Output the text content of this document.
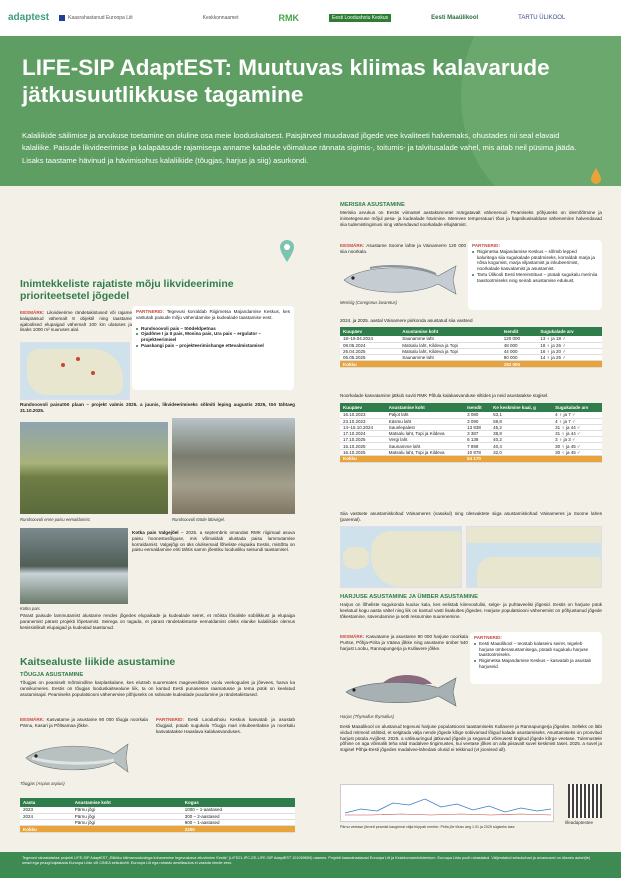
adaptest	Kaasrahastanud Euroopa Liit	Keskkonnaamet	RMK	Eesti Loodushoiu Keskus	Eesti Maaülikool	TARTU ÜLIKOOL
LIFE-SIP AdaptEST: Muutuvas kliimas kalavarude jätkusuutlikkuse tagamine

Kalaliikide säilimise ja arvukuse toetamine on oluline osa meie looduskaitsest. Paisjärved muudavad jõgede vee kvaliteeti halvemaks, ohustades nii seal elavaid kalaliike. Paisude likvideerimise ja kalapääsude rajamisega anname kaladele võimaluse rännata sigimis-, toitumis- ja talvitusalade vahel, mis aitab neil püsima jääda. Lisaks taastame hävinud ja hävimisohus kalaliikide (tõugjas, harjus ja siig) asurkondi.

Inimtekkeliste rajatiste mõju likvideerimine prioriteetsetel jõgedel
EESMÄRK: Likvideerime rändetakistused või rajame kalapääsud vähemalt 8 objektil ning taastame ajaloolised elupaigad vähemalt 100 km ulatuses ja lisaks 1000 m² suuruses alal.
PARTNERID: Tegevusi korraldab Riigimetsa Majandamise Keskus, kes vastutab paisude mõju vähendamise ja kudealade taastamise eest.
Rundsoovoli pais – töödeldpetnas
Ojadõme I ja II pais, Mosina pais, Ura pais – ergulator – projekteerimisel
Paaskangi pais – projekteerimishange ettevalmistamisel
Rundsoovoli paisutöö plaan – projekt valmis 2025. a juunis, likvideerimiseks sõlmiti leping augustis 2025, töö tähtaeg 31.10.2025.
Rundsoovoli enne paisu eemaldamist.	Rundsoovoli tööde läbiviigel.
Kotka pais.
Kotka pais Valgejõel – 2025. a septembris omandas RMK riigimaal asuva paisu hoonestusõiguse, mis võimaldab alustada paisu lammutamise korraldamist. Valgejõgi on üks olulisemaid lõheliste elupaiku Eestis, mistõttu on paisu eemaldamine eriti tähtis samm jõestiku loodusliku seisundi taastamisel.
Pärast paisude lammutamist alustame rendes jõgedes elupaikade ja kudealade seiret, et mõista lõnalisle sobilikkust ja elupaiga paranemist pärast projekti lõpetamist. Seirega on tagada, et pärast rändetakistuste eemaldamist oleks elanike kalaliikide olemus kesissinlikult elupaigad ja kudealad taastunud.
Kaitsealuste liikide asustamine
TÕUGJA ASUSTAMINE
Tõugjas on peamiselt mõrtoindline karplaskalane, kes elutseb suuremates magevesilistes voolu veekogudes ja jõevees, harva ka rannikumeres. Eestis on tõugjas looduskaitsealune liik, ta on kantud Eesti punasesse raamatusse ja tema püük on keelatud asutamisajal. Peamiseks populatsiooni vähenemise põhjuseks on sobivate kudealade puudumine ja rändetakistused.
EESMÄRK: Kasvatame ja asustame 90 000 tõugja noorkala Pärnu, Kasari ja Põltsamaa jõkke.
PARTNERID: Eesti Loodushoiu Keskus kasvatab ja asustab tõugjaid, püüab sugukalu Tõugja mari inkubeeritakse ja noorkalu kasvatatakse Haaslava kalakasvanduses.
Tõugjas (Aspius aspius)
Aasta	Asustamise koht	Kogus
2023	Pärnu jõgi	1000 – 1-aastased
2024	Pärnu jõgi	300 – 2-aastased
	Pärnu jõgi	900 – 1-aastased
Kokku		2200
MERISIIA ASUSTAMINE
Merisiia arvukus on Eestis viimastel aastakümnetel märgatavalt vähenenud. Peamiseks põhjuseks on ülemõõtmine ja inimetegevuse mõjul pesa- ja kudealade hävimine. Merevee temperatuuri tõus ja hapnikusisalduse vähenemine halvendavad siia tudemistingimusi ning vähendavad noorkalade ellujäämist.
EESMÄRK: Asustame Soome lahte ja Väinamerre 120 000 siia noorkala.
Merisiig (Coregonus lavaretus)
PARTNERID:
Riigimetsa Majandamise Keskus – sõlmib lepped kaluritega siia sugukalade püüdmiseks, korraldab marja ja nõsa kogumist, marja viljastamist ja inkubeerimist, noorkalade kasvatamist ja asustamist.
Tartu Ülikooli Eesti Mereinstituut – püüab sugukalu meriniia taastootmiseks ning seirab asustamise edukust.
2024. ja 2025. aastal Väinamere piirkonda asustatud siia vastsed
Kuupäev	Asustamise koht	Isendit	Sugukalade arv
18–19.04.2024	Saunamme laht	120 000	13 ♀ ja 18 ♂
08.05.2024	Matsalu laht, Kildeva ja Topi	48 000	18 ♀ ja 26 ♂
26.04.2025	Matsalu laht, Kildeva ja Topi	44 000	16 ♀ ja 20 ♂
05.05.2025	Saunamme laht	90 000	14 ♀ ja 25 ♂
Kokku		192 000	
Noorkalade kasvatamine jätkub suviti RMK Põlula kalakasvanduse siltides ja neid asustatakse sügisel.
Kuupäev	Asustamise koht	Isendit	Ke keskmine kaal, g	Sugukalade arv
16.10.2023	Paljot laht	3 080	53,1	4 ♀ ja 7 ♂
23.10.2023	Käsmu laht	3 090	59,8	4 ♀ ja 7 ♂
14–15.10.2024	Saunlepalest	13 838	45,2	31 ♀ ja 44 ♂
17.10.2024	Matsalu laht, Topi ja Kildeva	3 387	38,8	31 ♀ ja 44 ♂
17.10.2025	Vergi laht	6 138	40,2	3 ♀ ja 3 ♂
15.10.2025	Saunamme laht	7 898	40,4	30 ♀ ja 45 ♂
16.10.2025	Matsalu laht, Topi ja Kildeva	10 878	32,0	30 ♀ ja 45 ♂
Kokku		54 170		
Siia vastsete asustamiskohad Väinameres (vasakul) ning ülesvaktete siiga asustamiskohad Väinameres ja Soome lahes (paremal).
HARJUSE ASUSTAMINE JA ÜMBER ASUSTAMINE
Harjus on lõheliste sugukonda kuuluv kala, kes eelistab kiirevoolulisi, selge- ja puhtaveelisi jõgesid. Eestis on harjuse püük keelatud kogu aasta vältel ning liik on kantud vasti lisakultes jõgedes. Harjuse populatsiooni vähenemist on põhjustanud jõgede tõkestamine, süvendamine ja setti ressurnise suurenemine.
EESMÄRK: Kasvatame ja asustame 90 000 harjuse noorkala Purtse, Põhja-Pirita ja Vääna jõkke ning asustame ümber 540 harjust Loobu, Rannapungerja ja Kullavere jõkke.
PARTNERID:
Eesti Maaülikool – teostab kalaseiru seiret, tegeleb harjuse ümberasustamisega, püüab sugukalu harjuse taastootmiseks.
Riigimetsa Majandamise Keskus – kasvatab ja asustab harjuseid.
Harjus (Thymallus thymallus)
Eesti Maaülikool on alustanud tegevusi harjuse populatsiooni taastamiseks Kullavere ja Rannapungerja jõgedes. Selleks on läbi viidud mitmeid välitöid, et selgitada välja nende jõgede kõige sobivamad lõigud kalade asustamiseks. Asustamiseks on proovitud harjust püüda Avijõest. 2025. a välisuuringud jätkuvad jõgede ja seganud võimusest tingitud jõgede kõrge veetase. Tulemustele põhine on aga võimalik teha väid madalvee tingimustes, kui veetase jõkes on alla piisavalt suvel keskmist taset. 2025. a suvel ja sügisel Põhja-Eesti jõgedes madalvee-lähedasi olusid ei tekkinud (vt joonised all).
lifeadaptestee
Pärnu veetase jõevett peamist kaugemal välja hüppab meeter; Pirita jõe tõusv aeg 1.01 ja 2025 sügiseks tase
Tegevusi rahastatakse projekti LIFE-SIP AdaptEST „Riikliku kliimamuutustega kohanemise tegevuskava elluviimine Eestis" (LIFE21-IPC-EE-LIFE-SIP AdaptEST 101069659) raames. Projekti kaasrahastavad Euroopa Liit ja Keskkonnaministeerium. Euroopa Liidu poolt rahastatud. Väljendatud seisukohad ja arvamused on üksnes autori(te) omad ega pruugi kajastada Euroopa Liidu või CINEA seisukohti. Euroopa Liit ega rahastu ametiasutus ei vastuta nende eest.
